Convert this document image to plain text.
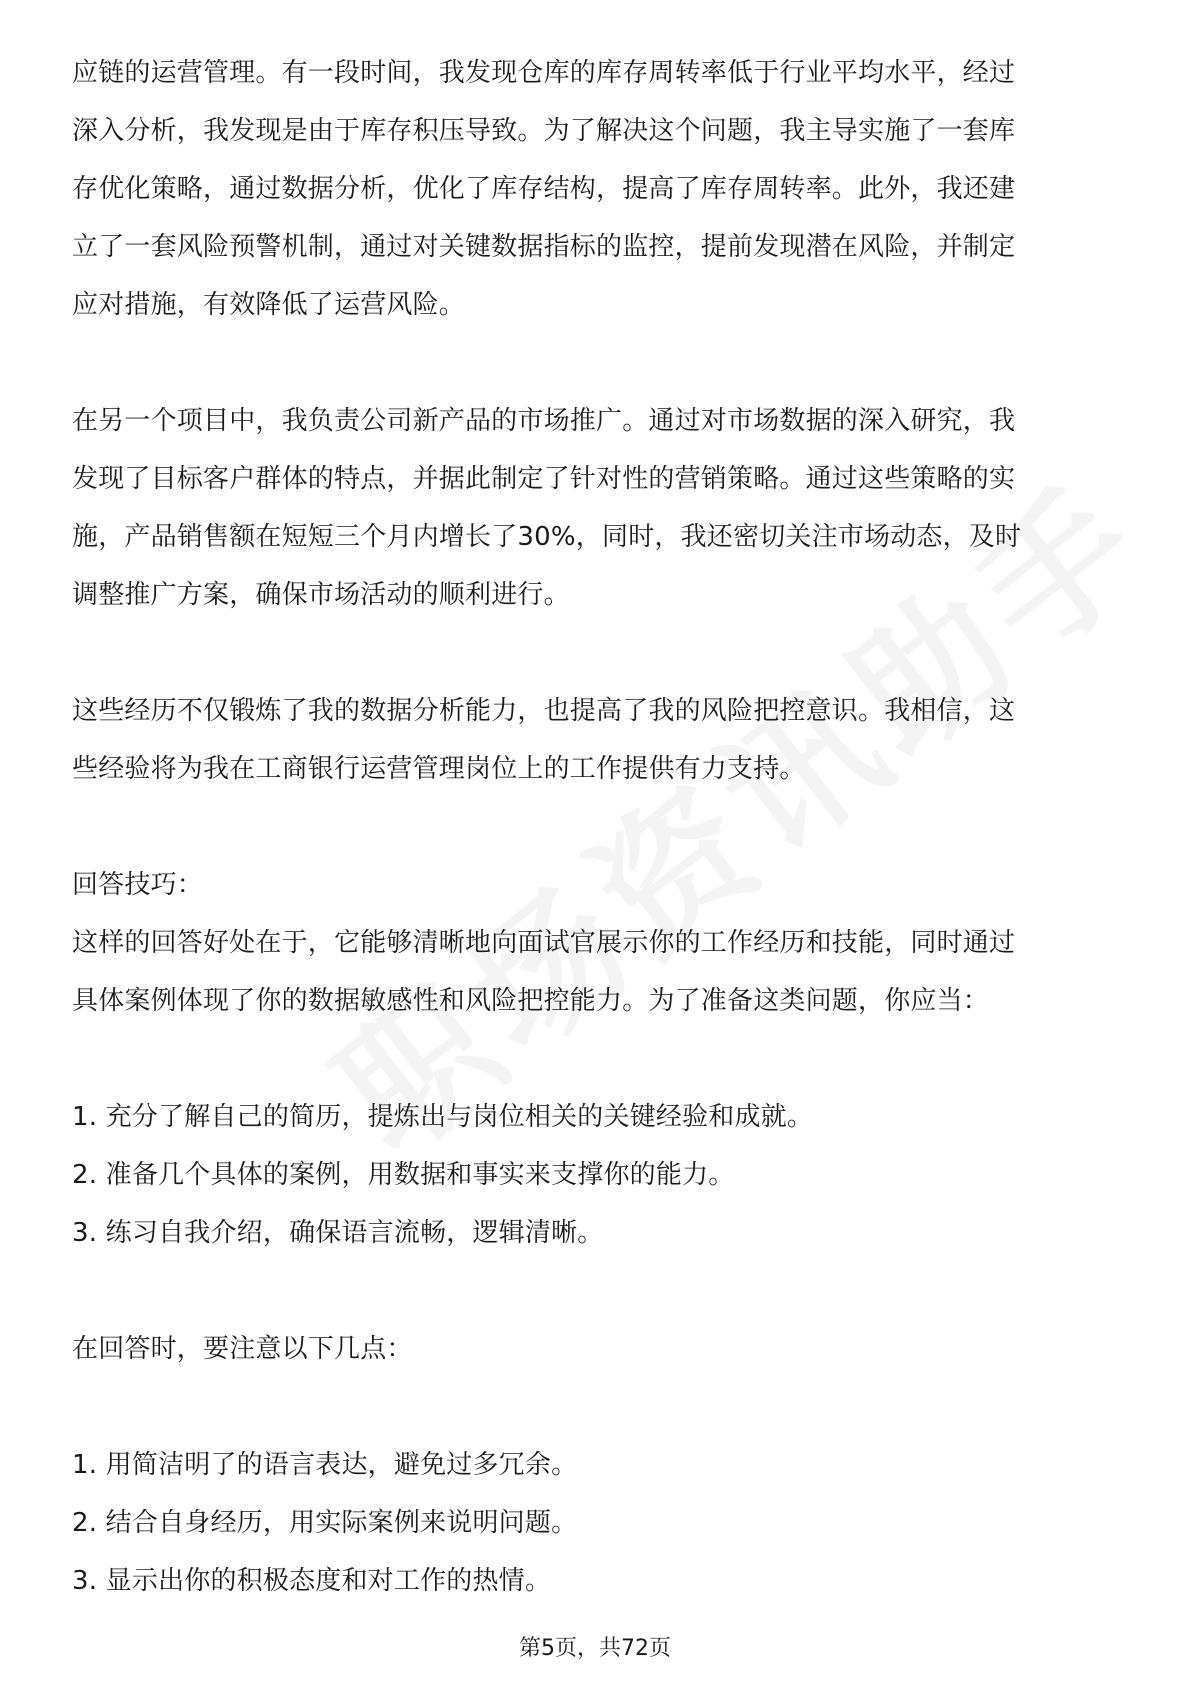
应链的运营管理。有一段时间，我发现仓库的库存周转率低于行业平均水平，经过
深入分析，我发现是由于库存积压导致。为了解决这个问题，我主导实施了一套库
存优化策略，通过数据分析，优化了库存结构，提高了库存周转率。此外，我还建
立了一套风险预警机制，通过对关键数据指标的监控，提前发现潜在风险，并制定
应对措施，有效降低了运营风险。
在另一个项目中，我负责公司新产品的市场推广。通过对市场数据的深入研究，我
发现了目标客户群体的特点，并据此制定了针对性的营销策略。通过这些策略的实
施，产品销售额在短短三个月内增长了30%，同时，我还密切关注市场动态，及时
调整推广方案，确保市场活动的顺利进行。
这些经历不仅锻炼了我的数据分析能力，也提高了我的风险把控意识。我相信，这
些经验将为我在工商银行运营管理岗位上的工作提供有力支持。
回答技巧：
这样的回答好处在于，它能够清晰地向面试官展示你的工作经历和技能，同时通过
具体案例体现了你的数据敏感性和风险把控能力。为了准备这类问题，你应当：
1. 充分了解自己的简历，提炼出与岗位相关的关键经验和成就。
2. 准备几个具体的案例，用数据和事实来支撑你的能力。
3. 练习自我介绍，确保语言流畅，逻辑清晰。
在回答时，要注意以下几点：
1. 用简洁明了的语言表达，避免过多冗余。
2. 结合自身经历，用实际案例来说明问题。
3. 显示出你的积极态度和对工作的热情。
第5页，共72页
